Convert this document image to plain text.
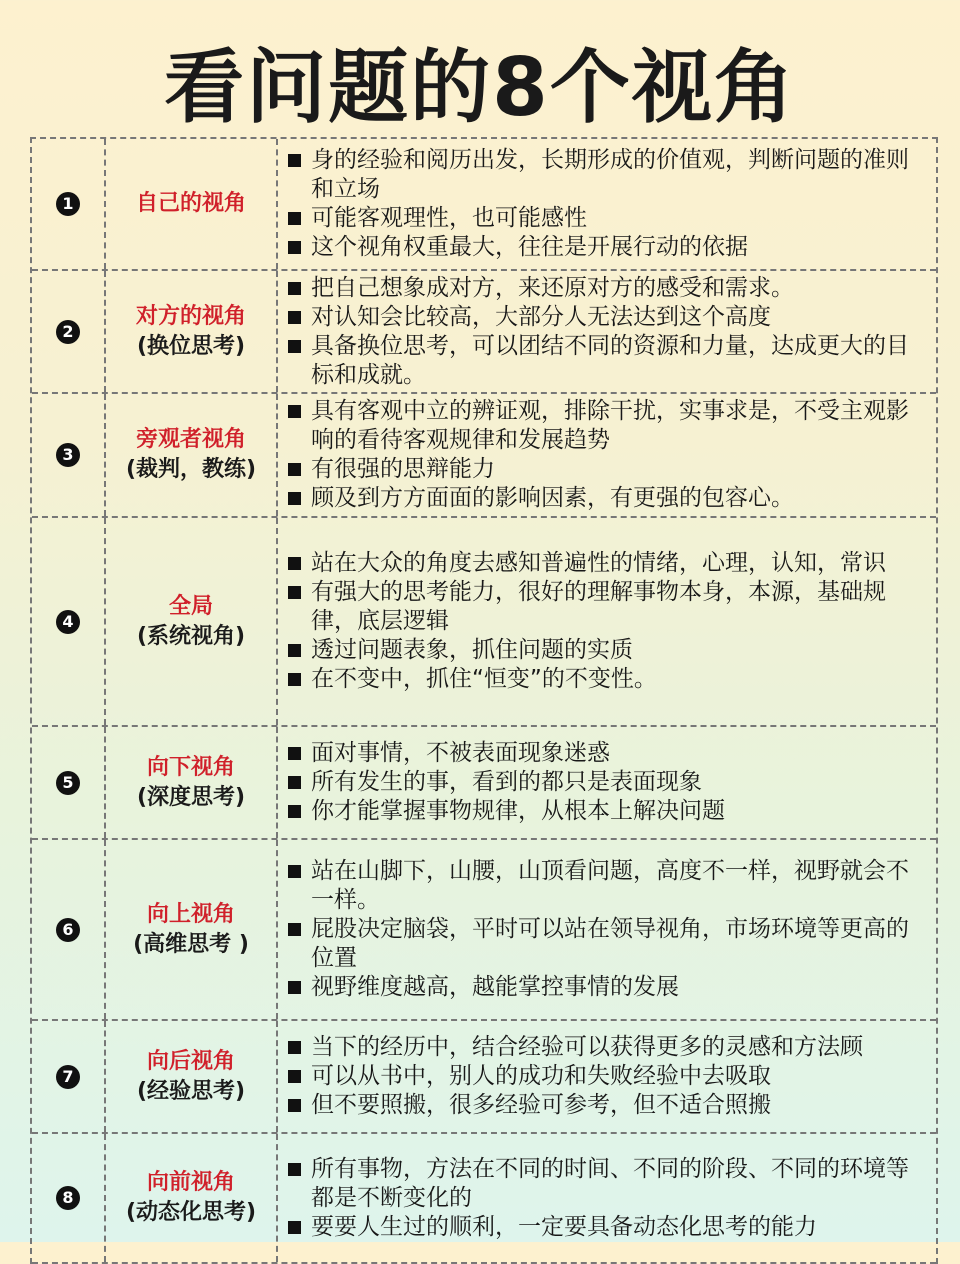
看问题的8个视角
1	自己的视角
身的经验和阅历出发，长期形成的价值观，判断问题的准则和立场
可能客观理性，也可能感性
这个视角权重最大，往往是开展行动的依据
2
对方的视角
(换位思考)
把自己想象成对方，来还原对方的感受和需求。
对认知会比较高，大部分人无法达到这个高度
具备换位思考，可以团结不同的资源和力量，达成更大的目标和成就。
3
旁观者视角
(裁判，教练)
具有客观中立的辨证观，排除干扰，实事求是，不受主观影响的看待客观规律和发展趋势
有很强的思辩能力
顾及到方方面面的影响因素，有更强的包容心。
4
全局
(系统视角)
站在大众的角度去感知普遍性的情绪，心理，认知，常识
有强大的思考能力，很好的理解事物本身，本源，基础规律，底层逻辑
透过问题表象，抓住问题的实质
在不变中，抓住“恒变”的不变性。
5
向下视角
(深度思考)
面对事情，不被表面现象迷惑
所有发生的事，看到的都只是表面现象
你才能掌握事物规律，从根本上解决问题
6
向上视角
(高维思考 )
站在山脚下，山腰，山顶看问题，高度不一样，视野就会不一样。
屁股决定脑袋，平时可以站在领导视角，市场环境等更高的位置
视野维度越高，越能掌控事情的发展
7
向后视角
(经验思考)
当下的经历中，结合经验可以获得更多的灵感和方法顾
可以从书中，别人的成功和失败经验中去吸取
但不要照搬，很多经验可参考，但不适合照搬
8
向前视角
(动态化思考)
所有事物，方法在不同的时间、不同的阶段、不同的环境等都是不断变化的
要要人生过的顺利，一定要具备动态化思考的能力
